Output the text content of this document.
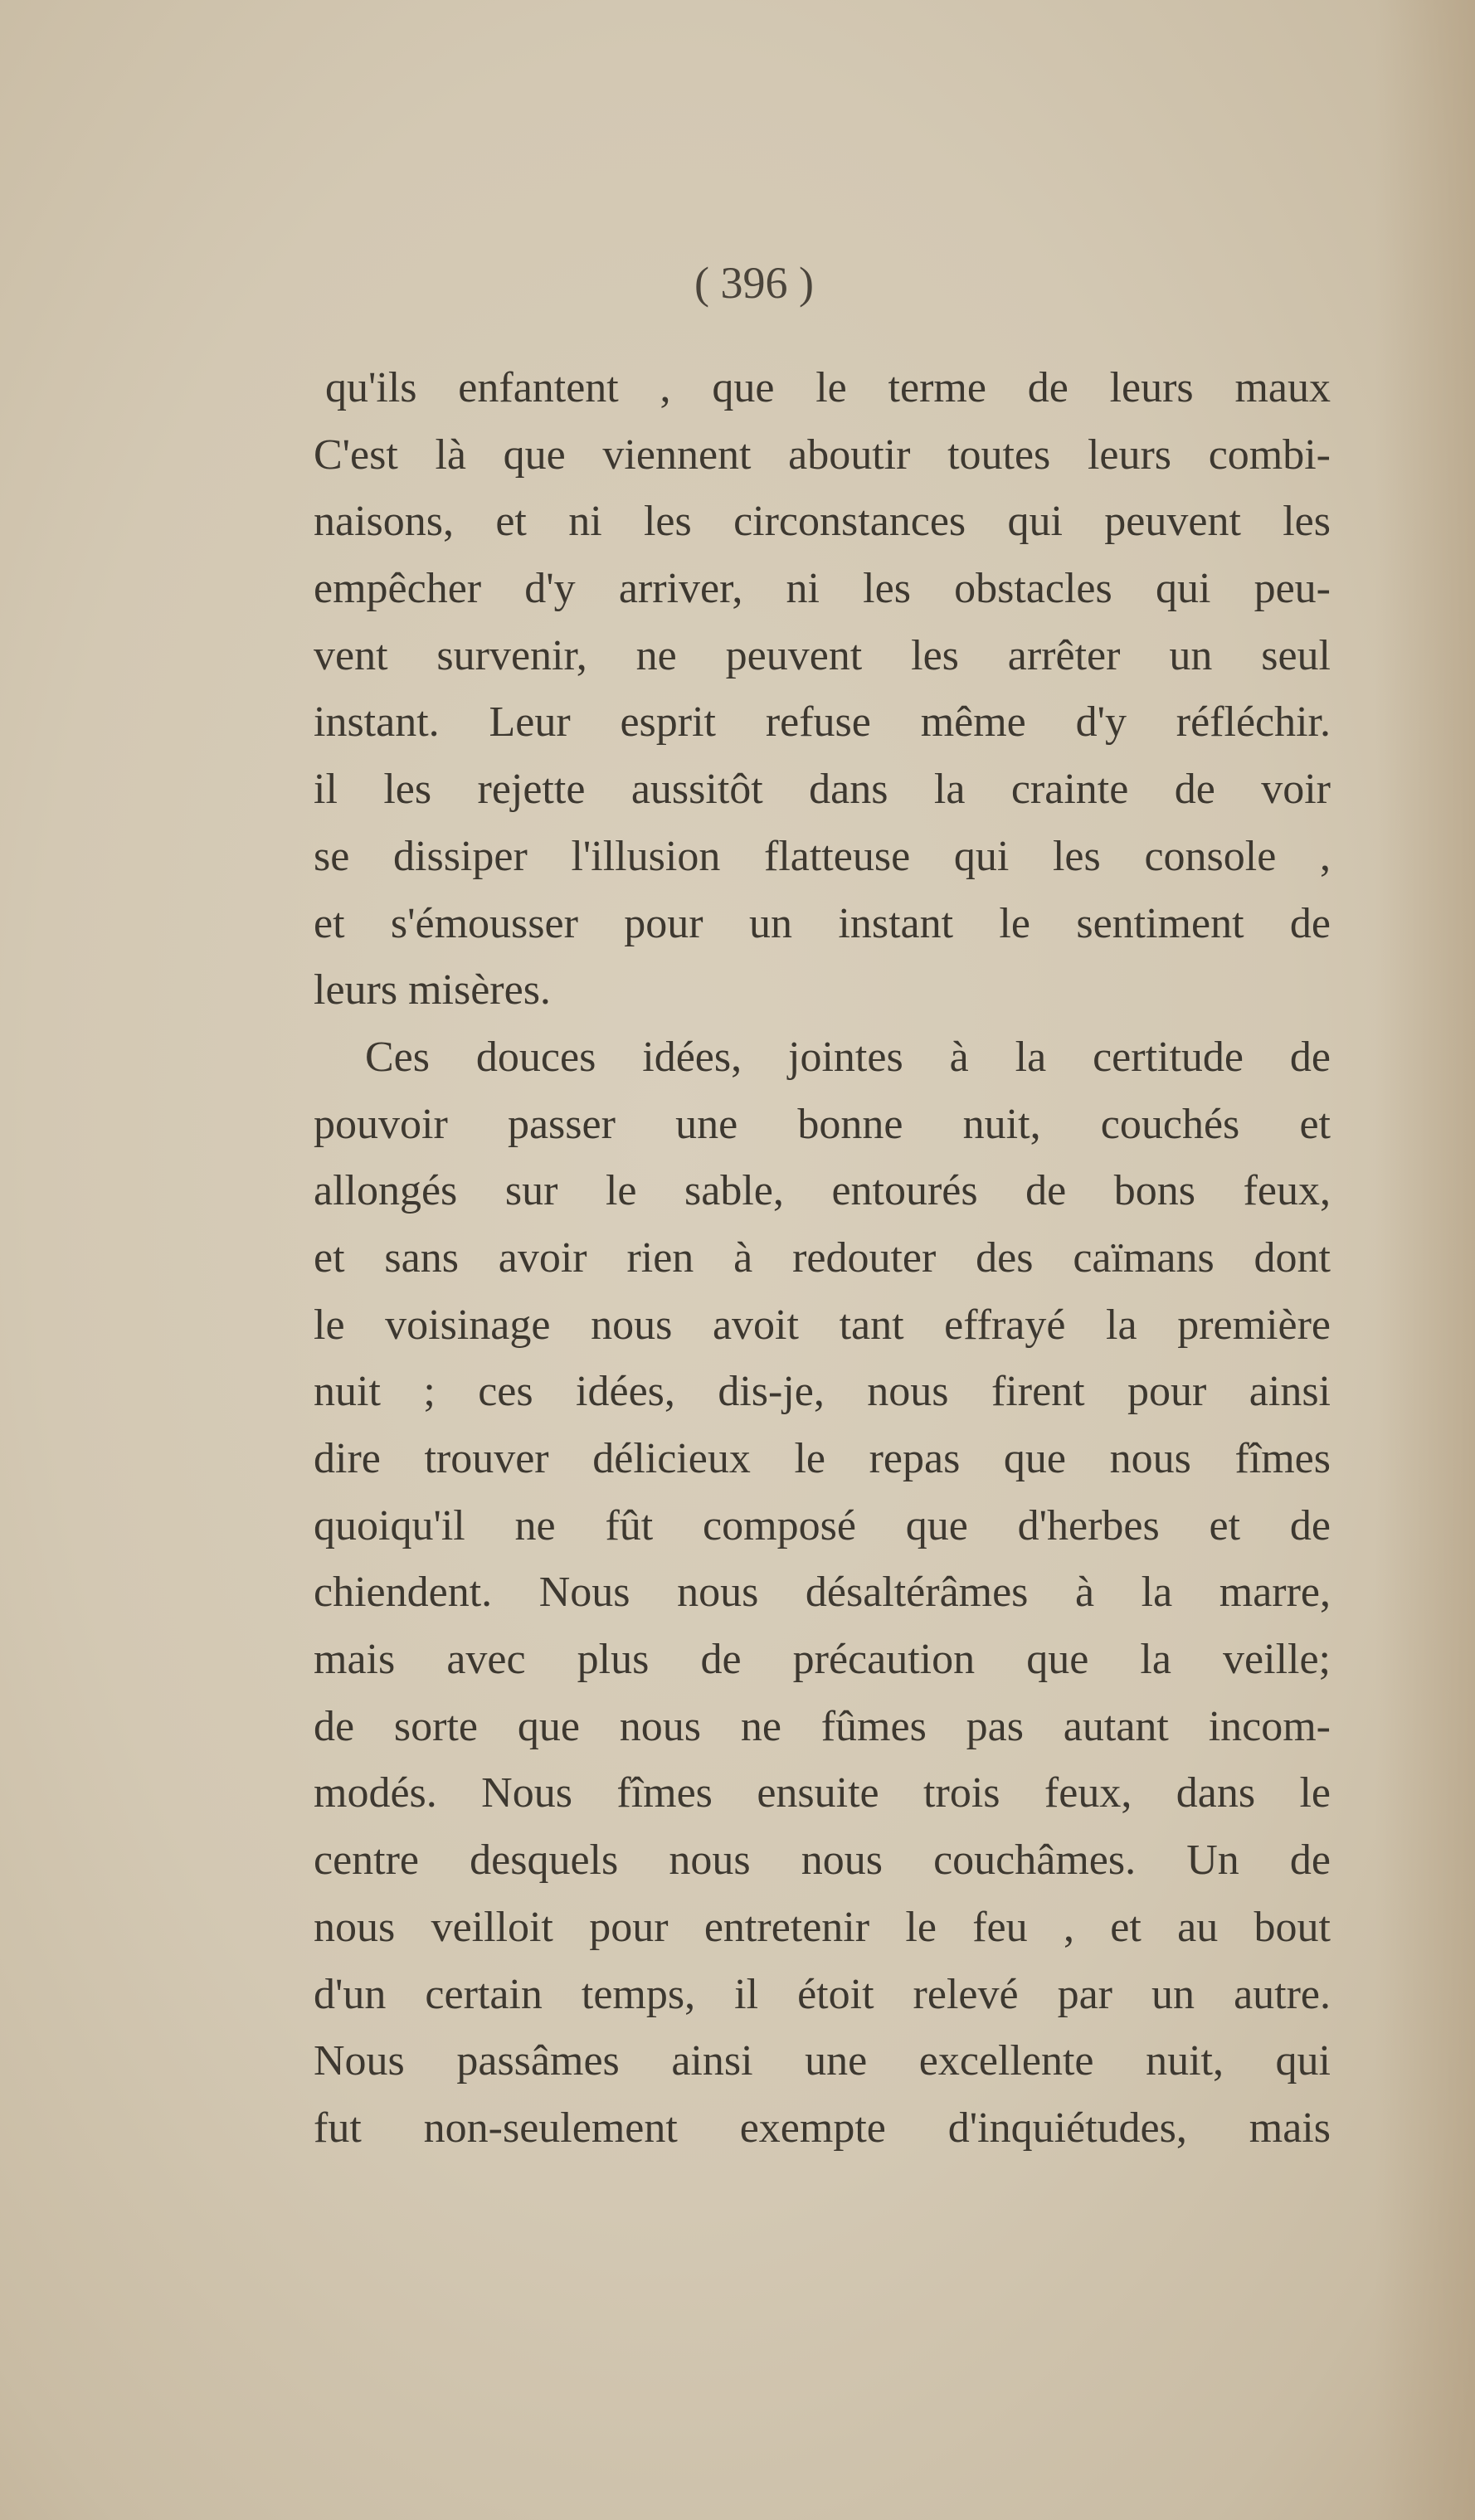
( 396 )
qu'ils enfantent , que le terme de leurs maux
C'est là que viennent aboutir toutes leurs combi-
naisons, et ni les circonstances qui peuvent les
empêcher d'y arriver, ni les obstacles qui peu-
vent survenir, ne peuvent les arrêter un seul
instant. Leur esprit refuse même d'y réfléchir.
il les rejette aussitôt dans la crainte de voir
se dissiper l'illusion flatteuse qui les console ,
et s'émousser pour un instant le sentiment de
leurs misères.
Ces douces idées, jointes à la certitude de
pouvoir passer une bonne nuit, couchés et
allongés sur le sable, entourés de bons feux,
et sans avoir rien à redouter des caïmans dont
le voisinage nous avoit tant effrayé la première
nuit ; ces idées, dis-je, nous firent pour ainsi
dire trouver délicieux le repas que nous fîmes
quoiqu'il ne fût composé que d'herbes et de
chiendent. Nous nous désaltérâmes à la marre,
mais avec plus de précaution que la veille;
de sorte que nous ne fûmes pas autant incom-
modés. Nous fîmes ensuite trois feux, dans le
centre desquels nous nous couchâmes. Un de
nous veilloit pour entretenir le feu , et au bout
d'un certain temps, il étoit relevé par un autre.
Nous passâmes ainsi une excellente nuit, qui
fut non-seulement exempte d'inquiétudes, mais
